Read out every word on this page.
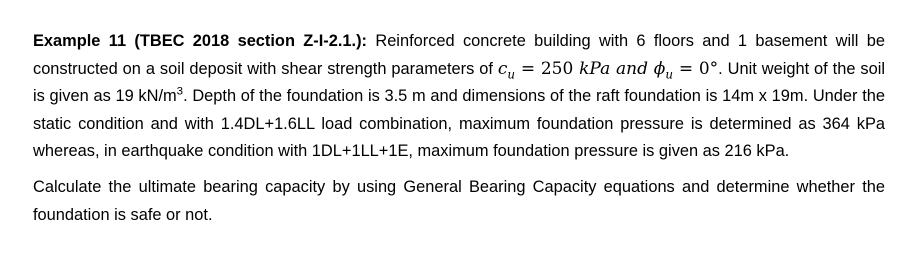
Example 11 (TBEC 2018 section Z-I-2.1.): Reinforced concrete building with 6 floors and 1 basement will be constructed on a soil deposit with shear strength parameters of $c_u = 250$ kPa and $\phi_u = 0^\circ$. Unit weight of the soil is given as 19 $kN/m^3$. Depth of the foundation is 3.5 m and dimensions of the raft foundation is 14m x 19m. Under the static condition and with 1.4DL+1.6LL load combination, maximum foundation pressure is determined as 364 kPa whereas, in earthquake condition with 1DL+1LL+1E, maximum foundation pressure is given as 216 kPa.

Calculate the ultimate bearing capacity by using General Bearing Capacity equations and determine whether the foundation is safe or not.
